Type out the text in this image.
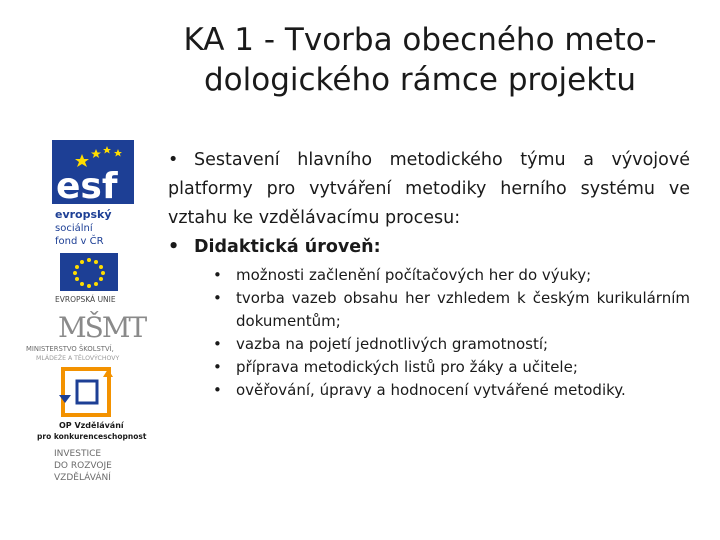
KA 1 - Tvorba obecného meto-
dologického rámce projektu
esf
evropský
sociální
fond v ČR
EVROPSKÁ UNIE
MŠMT
MINISTERSTVO ŠKOLSTVÍ,
MLÁDEŽE A TĚLOVÝCHOVY
OP Vzdělávání
pro konkurenceschopnost
INVESTICE
DO ROZVOJE
VZDĚLÁVÁNÍ
• Sestavení hlavního metodického týmu a vývojové platformy pro vytváření metodiky herního systému ve vztahu ke vzdělávacímu procesu:
• Didaktická úroveň:
• možnosti začlenění počítačových her do výuky;
• tvorba vazeb obsahu her vzhledem k českým kurikulárním dokumentům;
• vazba na pojetí jednotlivých gramotností;
• příprava metodických listů pro žáky a učitele;
• ověřování, úpravy a hodnocení vytvářené metodiky.
